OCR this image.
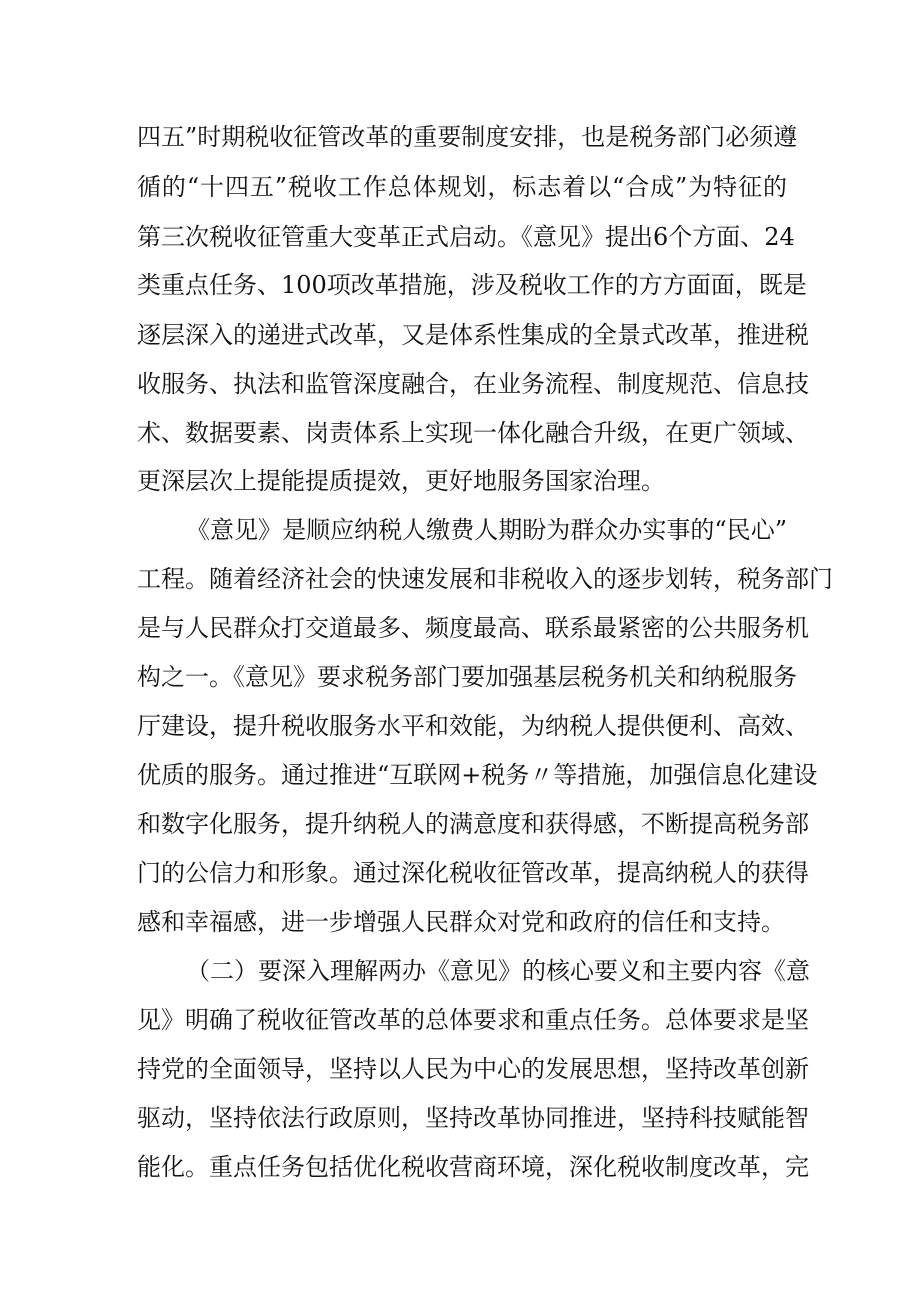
四五”时期税收征管改革的重要制度安排，也是税务部门必须遵
循的“十四五”税收工作总体规划，标志着以“合成”为特征的
第三次税收征管重大变革正式启动。《意见》提出6个方面、24
类重点任务、100项改革措施，涉及税收工作的方方面面，既是
逐层深入的递进式改革，又是体系性集成的全景式改革，推进税
收服务、执法和监管深度融合，在业务流程、制度规范、信息技
术、数据要素、岗责体系上实现一体化融合升级，在更广领域、
更深层次上提能提质提效，更好地服务国家治理。
《意见》是顺应纳税人缴费人期盼为群众办实事的“民心”
工程。随着经济社会的快速发展和非税收入的逐步划转，税务部门
是与人民群众打交道最多、频度最高、联系最紧密的公共服务机
构之一。《意见》要求税务部门要加强基层税务机关和纳税服务
厅建设，提升税收服务水平和效能，为纳税人提供便利、高效、
优质的服务。通过推进“互联网+税务〃等措施，加强信息化建设
和数字化服务，提升纳税人的满意度和获得感，不断提高税务部
门的公信力和形象。通过深化税收征管改革，提高纳税人的获得
感和幸福感，进一步增强人民群众对党和政府的信任和支持。
（二）要深入理解两办《意见》的核心要义和主要内容《意
见》明确了税收征管改革的总体要求和重点任务。总体要求是坚
持党的全面领导，坚持以人民为中心的发展思想，坚持改革创新
驱动，坚持依法行政原则，坚持改革协同推进，坚持科技赋能智
能化。重点任务包括优化税收营商环境，深化税收制度改革，完
